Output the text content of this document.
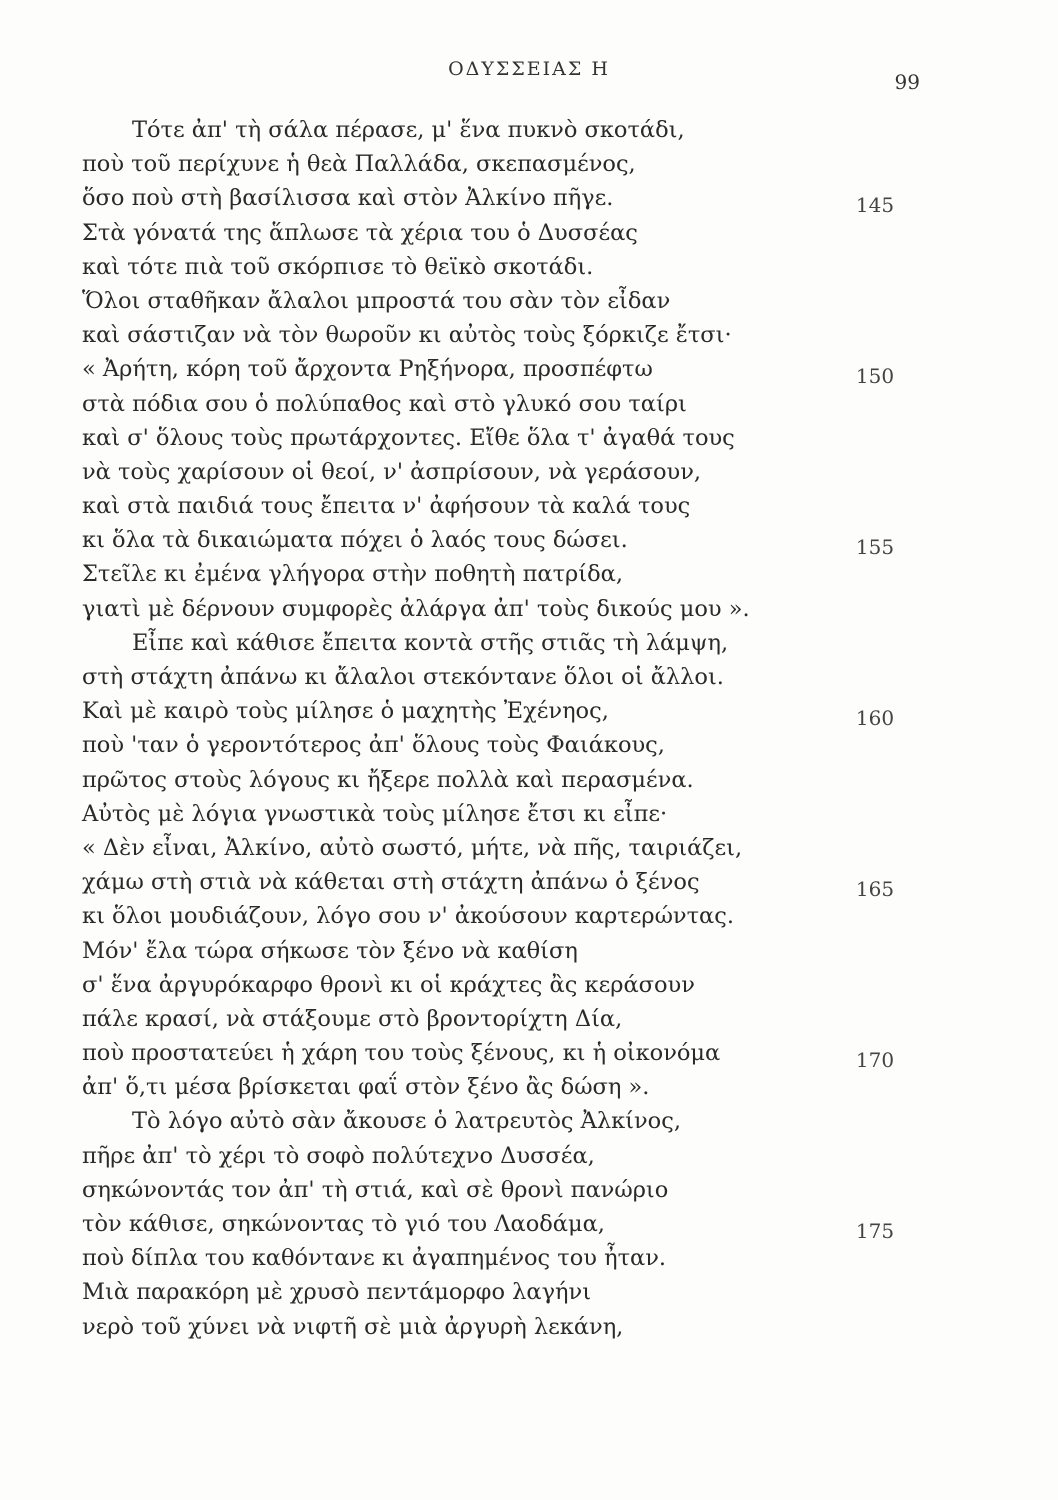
ΟΔΥΣΣΕΙΑΣ Η
99
Τότε ἀπ' τὴ σάλα πέρασε, μ' ἕνα πυκνὸ σκοτάδι,
ποὺ τοῦ περίχυνε ἡ θεὰ Παλλάδα, σκεπασμένος,
ὅσο ποὺ στὴ βασίλισσα καὶ στὸν Ἀλκίνο πῆγε.	145
Στὰ γόνατά της ἅπλωσε τὰ χέρια του ὁ Δυσσέας
καὶ τότε πιὰ τοῦ σκόρπισε τὸ θεϊκὸ σκοτάδι.
Ὅλοι σταθῆκαν ἄλαλοι μπροστά του σὰν τὸν εἶδαν
καὶ σάστιζαν νὰ τὸν θωροῦν κι αὐτὸς τοὺς ξόρκιζε ἔτσι·
« Ἀρήτη, κόρη τοῦ ἄρχοντα Ρηξήνορα, προσπέφτω	150
στὰ πόδια σου ὁ πολύπαθος καὶ στὸ γλυκό σου ταίρι
καὶ σ' ὅλους τοὺς πρωτάρχοντες. Εἴθε ὅλα τ' ἀγαθά τους
νὰ τοὺς χαρίσουν οἱ θεοί, ν' ἀσπρίσουν, νὰ γεράσουν,
καὶ στὰ παιδιά τους ἔπειτα ν' ἀφήσουν τὰ καλά τους
κι ὅλα τὰ δικαιώματα πόχει ὁ λαός τους δώσει.	155
Στεῖλε κι ἐμένα γλήγορα στὴν ποθητὴ πατρίδα,
γιατὶ μὲ δέρνουν συμφορὲς ἀλάργα ἀπ' τοὺς δικούς μου ».
Εἶπε καὶ κάθισε ἔπειτα κοντὰ στῆς στιᾶς τὴ λάμψη,
στὴ στάχτη ἀπάνω κι ἄλαλοι στεκόντανε ὅλοι οἱ ἄλλοι.
Καὶ μὲ καιρὸ τοὺς μίλησε ὁ μαχητὴς Ἐχένηος,	160
ποὺ 'ταν ὁ γεροντότερος ἀπ' ὅλους τοὺς Φαιάκους,
πρῶτος στοὺς λόγους κι ἤξερε πολλὰ καὶ περασμένα.
Αὐτὸς μὲ λόγια γνωστικὰ τοὺς μίλησε ἔτσι κι εἶπε·
« Δὲν εἶναι, Ἀλκίνο, αὐτὸ σωστό, μήτε, νὰ πῆς, ταιριάζει,
χάμω στὴ στιὰ νὰ κάθεται στὴ στάχτη ἀπάνω ὁ ξένος	165
κι ὅλοι μουδιάζουν, λόγο σου ν' ἀκούσουν καρτερώντας.
Μόν' ἔλα τώρα σήκωσε τὸν ξένο νὰ καθίση
σ' ἕνα ἀργυρόκαρφο θρονὶ κι οἱ κράχτες ἂς κεράσουν
πάλε κρασί, νὰ στάξουμε στὸ βροντορίχτη Δία,
ποὺ προστατεύει ἡ χάρη του τοὺς ξένους, κι ἡ οἰκονόμα	170
ἀπ' ὅ,τι μέσα βρίσκεται φαΐ στὸν ξένο ἂς δώση ».
Τὸ λόγο αὐτὸ σὰν ἄκουσε ὁ λατρευτὸς Ἀλκίνος,
πῆρε ἀπ' τὸ χέρι τὸ σοφὸ πολύτεχνο Δυσσέα,
σηκώνοντάς τον ἀπ' τὴ στιά, καὶ σὲ θρονὶ πανώριο
τὸν κάθισε, σηκώνοντας τὸ γιό του Λαοδάμα,	175
ποὺ δίπλα του καθόντανε κι ἀγαπημένος του ἦταν.
Μιὰ παρακόρη μὲ χρυσὸ πεντάμορφο λαγήνι
νερὸ τοῦ χύνει νὰ νιφτῆ σὲ μιὰ ἀργυρὴ λεκάνη,
